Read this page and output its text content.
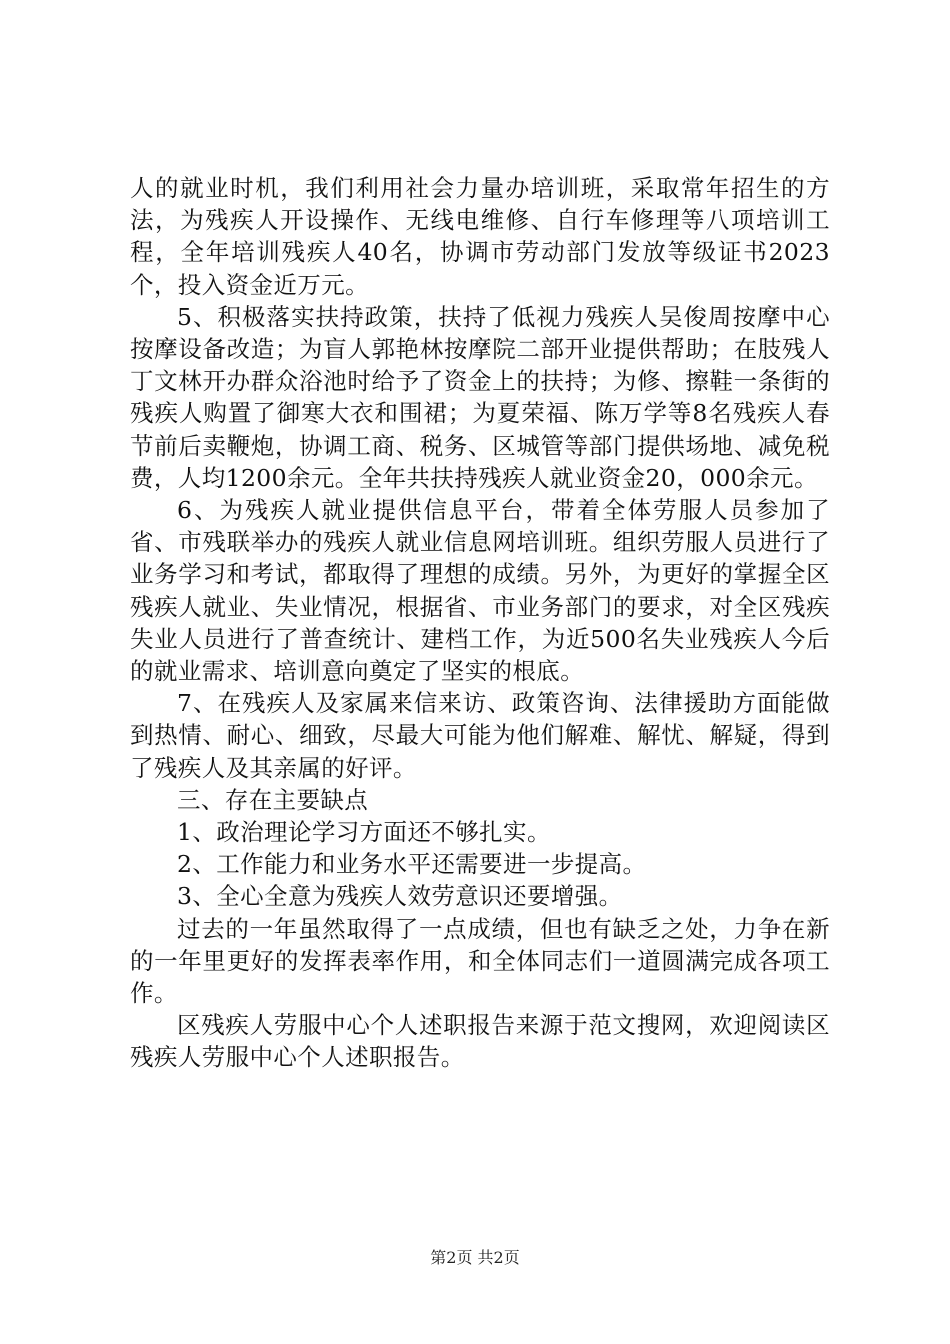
人的就业时机，我们利用社会力量办培训班，采取常年招生的方法，为残疾人开设操作、无线电维修、自行车修理等八项培训工程，全年培训残疾人40名，协调市劳动部门发放等级证书2023个，投入资金近万元。

5、积极落实扶持政策，扶持了低视力残疾人吴俊周按摩中心按摩设备改造；为盲人郭艳林按摩院二部开业提供帮助；在肢残人丁文林开办群众浴池时给予了资金上的扶持；为修、擦鞋一条街的残疾人购置了御寒大衣和围裙；为夏荣福、陈万学等8名残疾人春节前后卖鞭炮，协调工商、税务、区城管等部门提供场地、减免税费，人均1200余元。全年共扶持残疾人就业资金20，000余元。

6、为残疾人就业提供信息平台，带着全体劳服人员参加了省、市残联举办的残疾人就业信息网培训班。组织劳服人员进行了业务学习和考试，都取得了理想的成绩。另外，为更好的掌握全区残疾人就业、失业情况，根据省、市业务部门的要求，对全区残疾失业人员进行了普查统计、建档工作，为近500名失业残疾人今后的就业需求、培训意向奠定了坚实的根底。

7、在残疾人及家属来信来访、政策咨询、法律援助方面能做到热情、耐心、细致，尽最大可能为他们解难、解忧、解疑，得到了残疾人及其亲属的好评。

三、存在主要缺点

1、政治理论学习方面还不够扎实。

2、工作能力和业务水平还需要进一步提高。

3、全心全意为残疾人效劳意识还要增强。

过去的一年虽然取得了一点成绩，但也有缺乏之处，力争在新的一年里更好的发挥表率作用，和全体同志们一道圆满完成各项工作。

区残疾人劳服中心个人述职报告来源于范文搜网，欢迎阅读区残疾人劳服中心个人述职报告。

第2页 共2页
